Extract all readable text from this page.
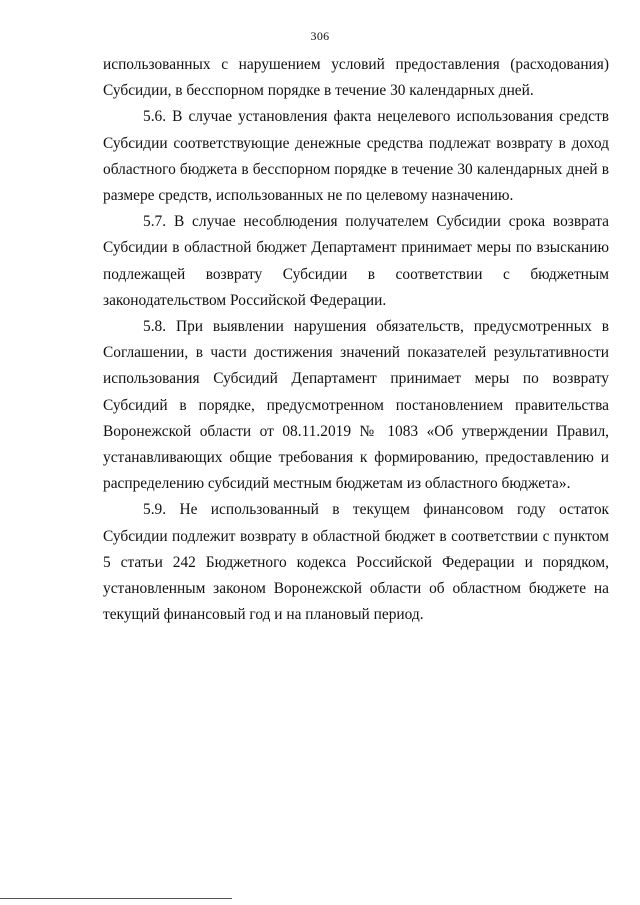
306

использованных с нарушением условий предоставления (расходования) Субсидии, в бесспорном порядке в течение 30 календарных дней.

5.6. В случае установления факта нецелевого использования средств Субсидии соответствующие денежные средства подлежат возврату в доход областного бюджета в бесспорном порядке в течение 30 календарных дней в размере средств, использованных не по целевому назначению.

5.7. В случае несоблюдения получателем Субсидии срока возврата Субсидии в областной бюджет Департамент принимает меры по взысканию подлежащей возврату Субсидии в соответствии с бюджетным законодательством Российской Федерации.

5.8. При выявлении нарушения обязательств, предусмотренных в Соглашении, в части достижения значений показателей результативности использования Субсидий Департамент принимает меры по возврату Субсидий в порядке, предусмотренном постановлением правительства Воронежской области от 08.11.2019 № 1083 «Об утверждении Правил, устанавливающих общие требования к формированию, предоставлению и распределению субсидий местным бюджетам из областного бюджета».

5.9. Не использованный в текущем финансовом году остаток Субсидии подлежит возврату в областной бюджет в соответствии с пунктом 5 статьи 242 Бюджетного кодекса Российской Федерации и порядком, установленным законом Воронежской области об областном бюджете на текущий финансовый год и на плановый период.
